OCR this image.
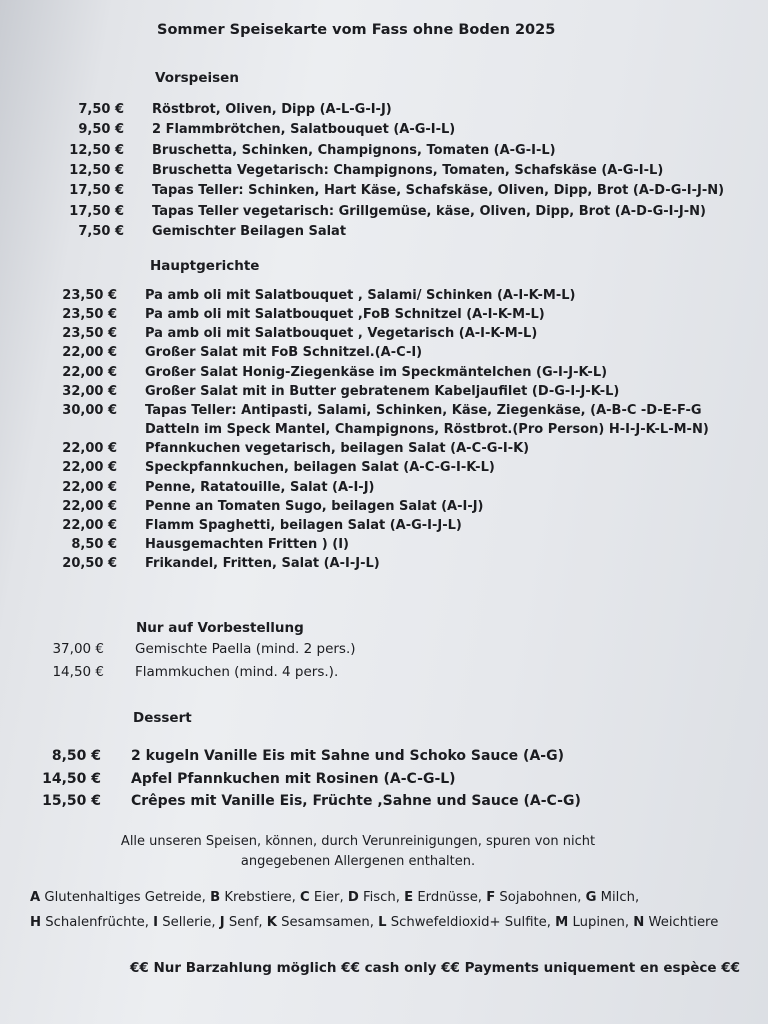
Sommer Speisekarte vom Fass ohne Boden 2025
Vorspeisen
7,50 € Röstbrot, Oliven, Dipp (A-L-G-I-J)
9,50 € 2 Flammbrötchen, Salatbouquet (A-G-I-L)
12,50 € Bruschetta, Schinken, Champignons, Tomaten (A-G-I-L)
12,50 € Bruschetta Vegetarisch: Champignons, Tomaten, Schafskäse (A-G-I-L)
17,50 € Tapas Teller: Schinken, Hart Käse, Schafskäse, Oliven, Dipp, Brot (A-D-G-I-J-N)
17,50 € Tapas Teller vegetarisch: Grillgemüse, käse, Oliven, Dipp, Brot (A-D-G-I-J-N)
7,50 € Gemischter Beilagen Salat
Hauptgerichte
23,50 € Pa amb oli mit Salatbouquet , Salami/ Schinken (A-I-K-M-L)
23,50 € Pa amb oli mit Salatbouquet ,FoB Schnitzel (A-I-K-M-L)
23,50 € Pa amb oli mit Salatbouquet , Vegetarisch (A-I-K-M-L)
22,00 € Großer Salat mit FoB Schnitzel.(A-C-I)
22,00 € Großer Salat Honig-Ziegenkäse im Speckmäntelchen (G-I-J-K-L)
32,00 € Großer Salat mit in Butter gebratenem Kabeljaufilet (D-G-I-J-K-L)
30,00 € Tapas Teller: Antipasti, Salami, Schinken, Käse, Ziegenkäse, (A-B-C -D-E-F-G
Datteln im Speck Mantel, Champignons, Röstbrot.(Pro Person) H-I-J-K-L-M-N)
22,00 € Pfannkuchen vegetarisch, beilagen Salat (A-C-G-I-K)
22,00 € Speckpfannkuchen, beilagen Salat (A-C-G-I-K-L)
22,00 € Penne, Ratatouille, Salat (A-I-J)
22,00 € Penne an Tomaten Sugo, beilagen Salat (A-I-J)
22,00 € Flamm Spaghetti, beilagen Salat (A-G-I-J-L)
8,50 € Hausgemachten Fritten ) (I)
20,50 € Frikandel, Fritten, Salat (A-I-J-L)
Nur auf Vorbestellung
37,00 € Gemischte Paella (mind. 2 pers.)
14,50 € Flammkuchen (mind. 4 pers.).
Dessert
8,50 € 2 kugeln Vanille Eis mit Sahne und Schoko Sauce (A-G)
14,50 € Apfel Pfannkuchen mit Rosinen (A-C-G-L)
15,50 € Crêpes mit Vanille Eis, Früchte ,Sahne und Sauce (A-C-G)
Alle unseren Speisen, können, durch Verunreinigungen, spuren von nicht
angegebenen Allergenen enthalten.
A Glutenhaltiges Getreide, B Krebstiere, C Eier, D Fisch, E Erdnüsse, F Sojabohnen, G Milch,
H Schalenfrüchte, I Sellerie, J Senf, K Sesamsamen, L Schwefeldioxid+ Sulfite, M Lupinen, N Weichtiere
€€ Nur Barzahlung möglich €€ cash only €€ Payments uniquement en espèce €€
